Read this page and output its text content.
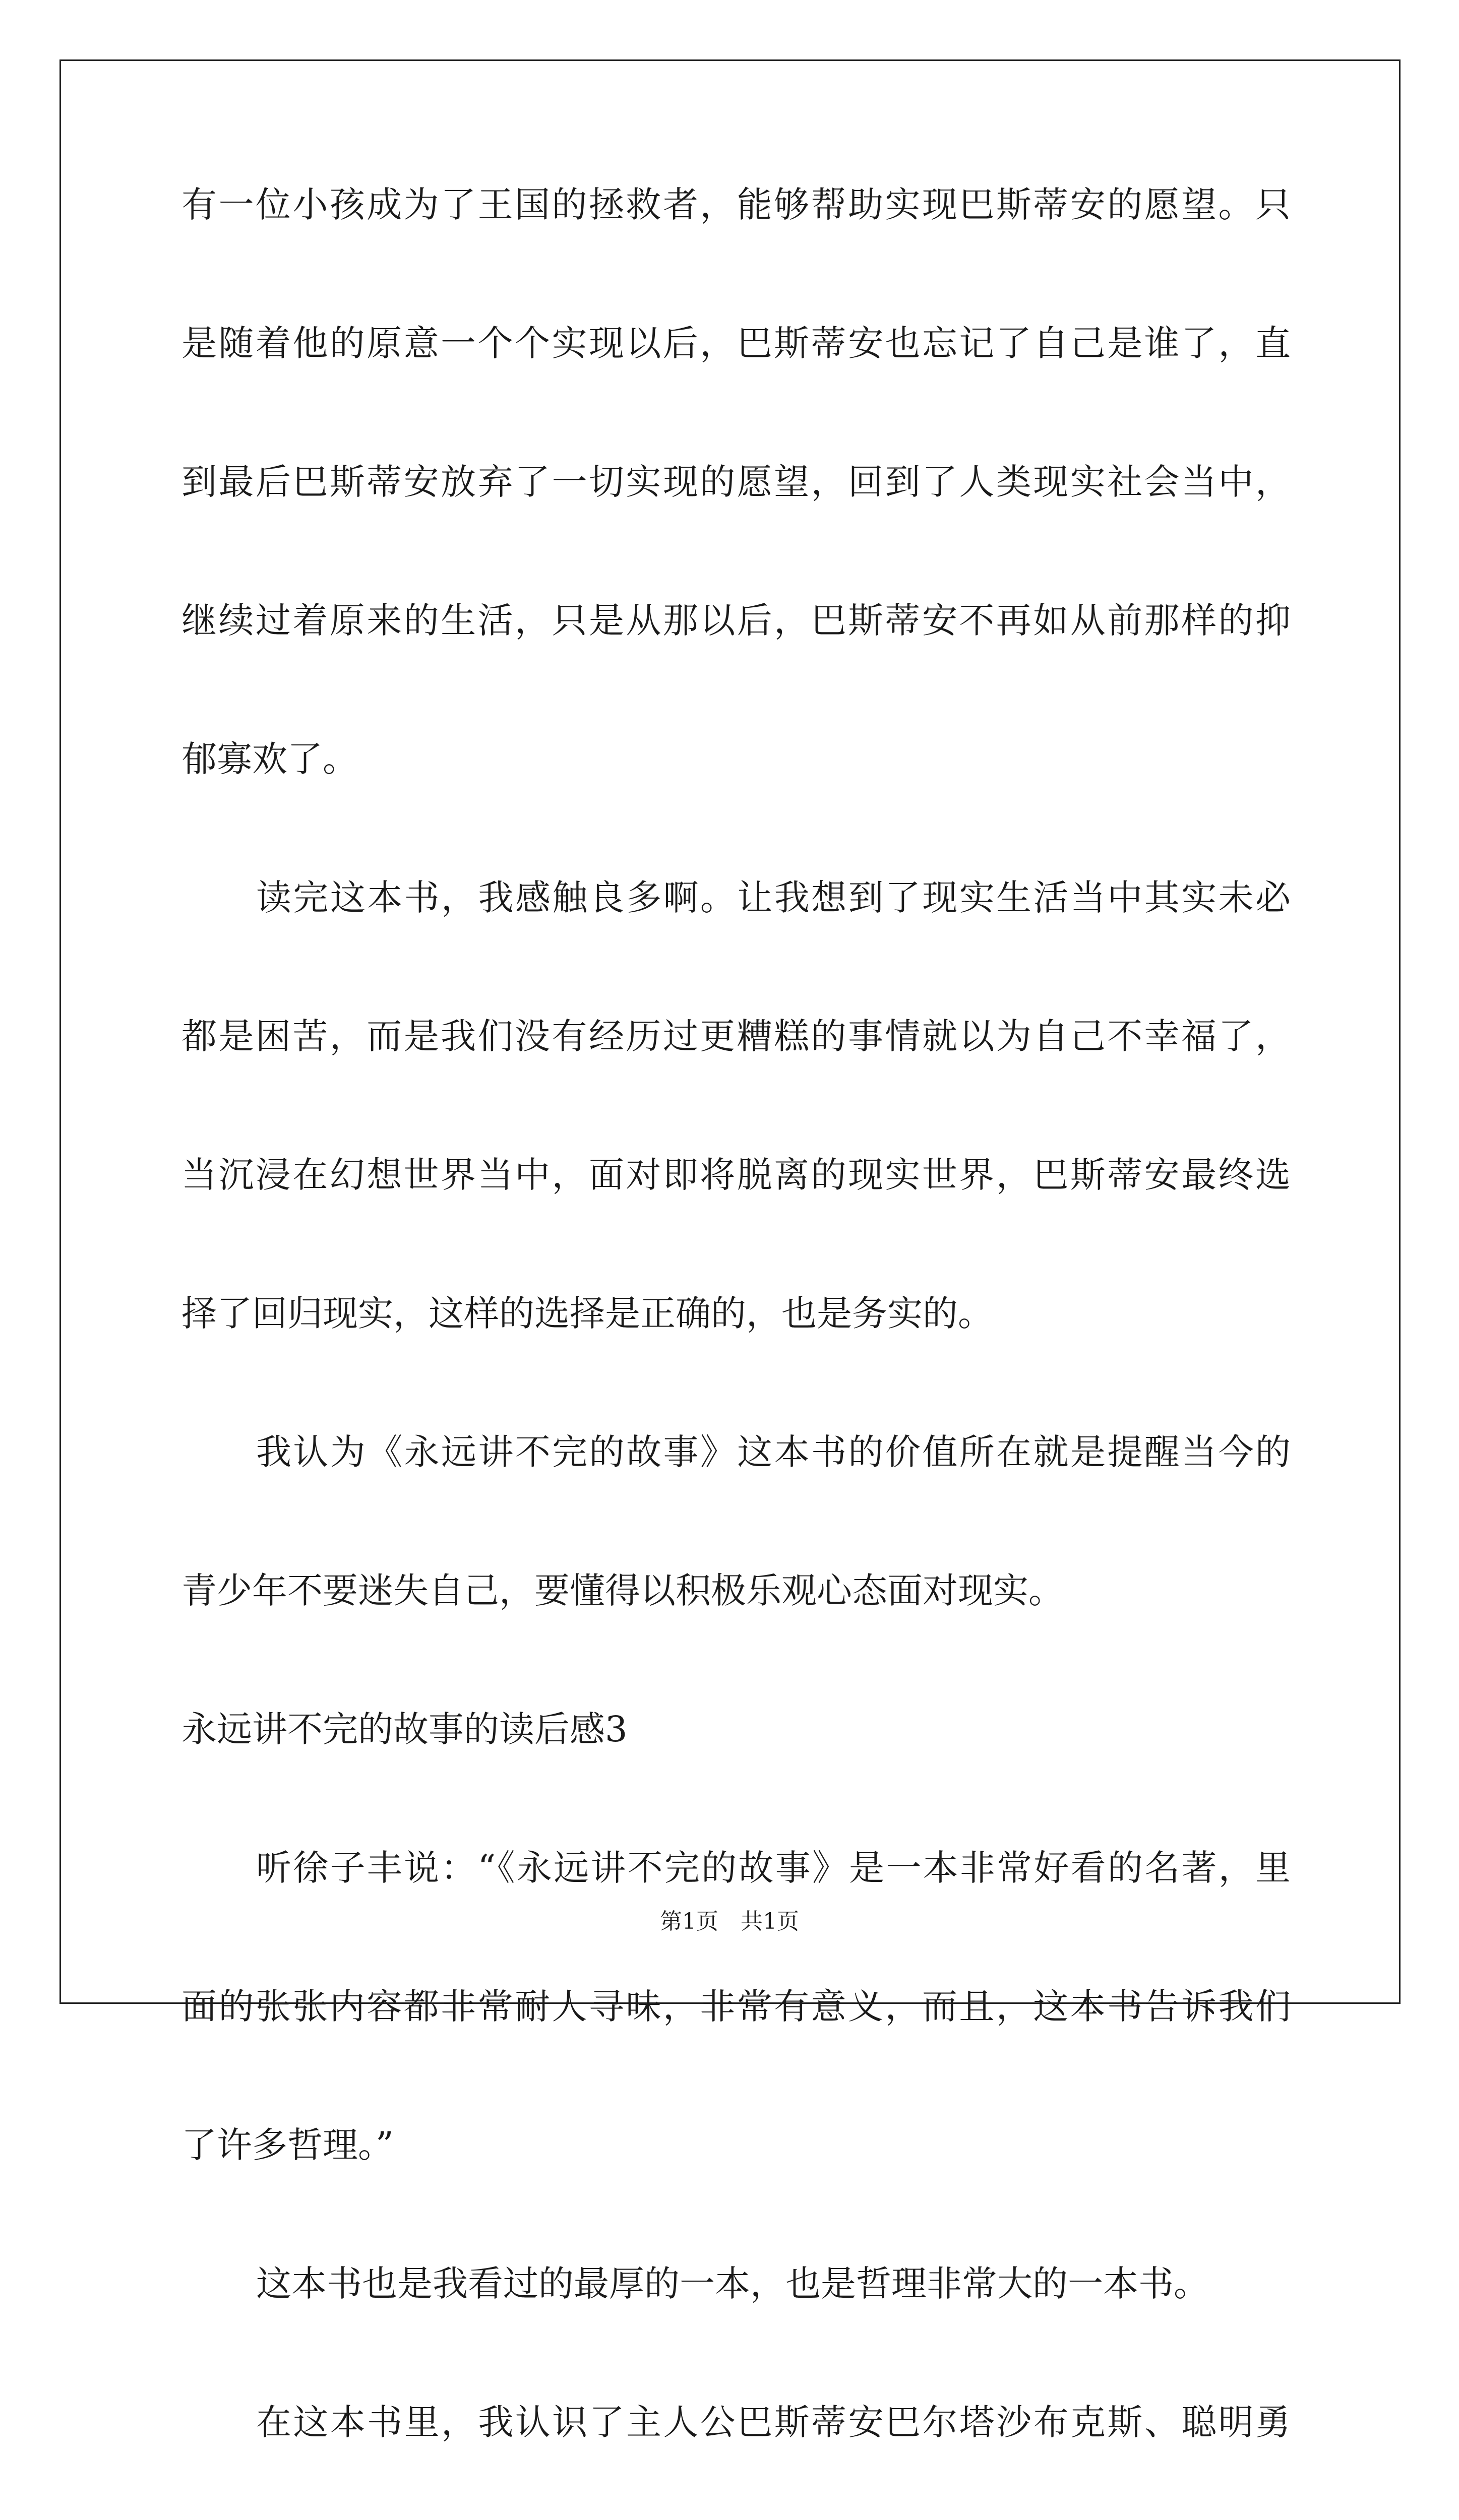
有一位小孩成为了王国的拯救者，能够帮助实现巴斯蒂安的愿望。只
是随着他的原意一个个实现以后，巴斯蒂安也忘记了自己是谁了，直
到最后巴斯蒂安放弃了一切实现的愿望，回到了人类现实社会当中，
继续过着原来的生活，只是从那以后，巴斯蒂安不再如从前那样的抑
郁寡欢了。
读完这本书，我感触良多啊。让我想到了现实生活当中其实未必
都是困苦，而是我们没有经历过更糟糕的事情就以为自己不幸福了，
当沉浸在幻想世界当中，面对即将脱离的现实世界，巴斯蒂安最终选
择了回归现实，这样的选择是正确的，也是务实的。
我认为《永远讲不完的故事》这本书的价值所在就是提醒当今的
青少年不要迷失自己，要懂得以积极乐观心态面对现实。
永远讲不完的故事的读后感3
听徐子丰说：“《永远讲不完的故事》是一本非常好看的名著，里
面的张张内容都非常耐人寻味，非常有意义，而且，这本书告诉我们
了许多哲理。”
这本书也是我看过的最厚的一本，也是哲理非常大的一本书。
在这本书里，我认识了主人公巴斯蒂安巴尔塔沙布克斯、聪明勇
第1页　共1页
